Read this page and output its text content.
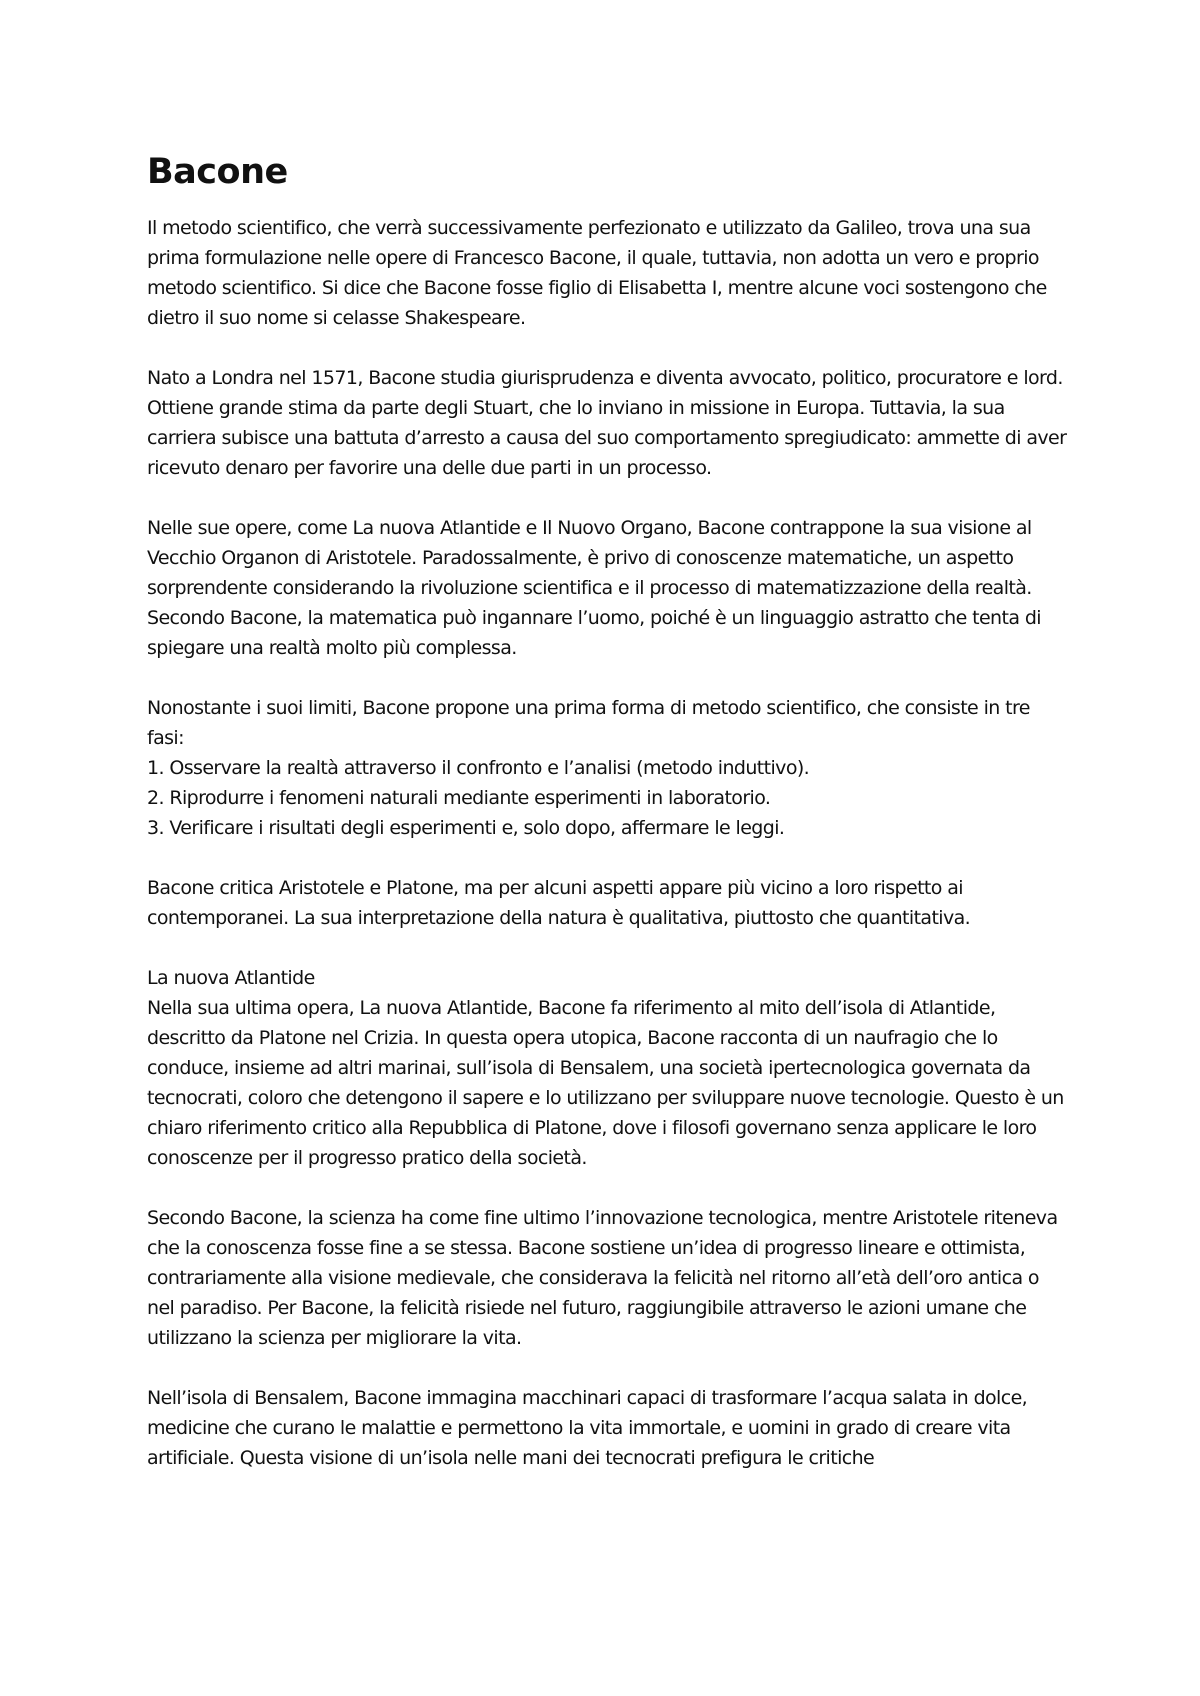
Bacone

Il metodo scientifico, che verrà successivamente perfezionato e utilizzato da Galileo, trova una sua prima formulazione nelle opere di Francesco Bacone, il quale, tuttavia, non adotta un vero e proprio metodo scientifico. Si dice che Bacone fosse figlio di Elisabetta I, mentre alcune voci sostengono che dietro il suo nome si celasse Shakespeare.

Nato a Londra nel 1571, Bacone studia giurisprudenza e diventa avvocato, politico, procuratore e lord. Ottiene grande stima da parte degli Stuart, che lo inviano in missione in Europa. Tuttavia, la sua carriera subisce una battuta d’arresto a causa del suo comportamento spregiudicato: ammette di aver ricevuto denaro per favorire una delle due parti in un processo.

Nelle sue opere, come La nuova Atlantide e Il Nuovo Organo, Bacone contrappone la sua visione al Vecchio Organon di Aristotele. Paradossalmente, è privo di conoscenze matematiche, un aspetto sorprendente considerando la rivoluzione scientifica e il processo di matematizzazione della realtà. Secondo Bacone, la matematica può ingannare l’uomo, poiché è un linguaggio astratto che tenta di spiegare una realtà molto più complessa.

Nonostante i suoi limiti, Bacone propone una prima forma di metodo scientifico, che consiste in tre fasi:
1. Osservare la realtà attraverso il confronto e l’analisi (metodo induttivo).
2. Riprodurre i fenomeni naturali mediante esperimenti in laboratorio.
3. Verificare i risultati degli esperimenti e, solo dopo, affermare le leggi.

Bacone critica Aristotele e Platone, ma per alcuni aspetti appare più vicino a loro rispetto ai contemporanei. La sua interpretazione della natura è qualitativa, piuttosto che quantitativa.

La nuova Atlantide
Nella sua ultima opera, La nuova Atlantide, Bacone fa riferimento al mito dell’isola di Atlantide, descritto da Platone nel Crizia. In questa opera utopica, Bacone racconta di un naufragio che lo conduce, insieme ad altri marinai, sull’isola di Bensalem, una società ipertecnologica governata da tecnocrati, coloro che detengono il sapere e lo utilizzano per sviluppare nuove tecnologie. Questo è un chiaro riferimento critico alla Repubblica di Platone, dove i filosofi governano senza applicare le loro conoscenze per il progresso pratico della società.

Secondo Bacone, la scienza ha come fine ultimo l’innovazione tecnologica, mentre Aristotele riteneva che la conoscenza fosse fine a se stessa. Bacone sostiene un’idea di progresso lineare e ottimista, contrariamente alla visione medievale, che considerava la felicità nel ritorno all’età dell’oro antica o nel paradiso. Per Bacone, la felicità risiede nel futuro, raggiungibile attraverso le azioni umane che utilizzano la scienza per migliorare la vita.

Nell’isola di Bensalem, Bacone immagina macchinari capaci di trasformare l’acqua salata in dolce, medicine che curano le malattie e permettono la vita immortale, e uomini in grado di creare vita artificiale. Questa visione di un’isola nelle mani dei tecnocrati prefigura le critiche
